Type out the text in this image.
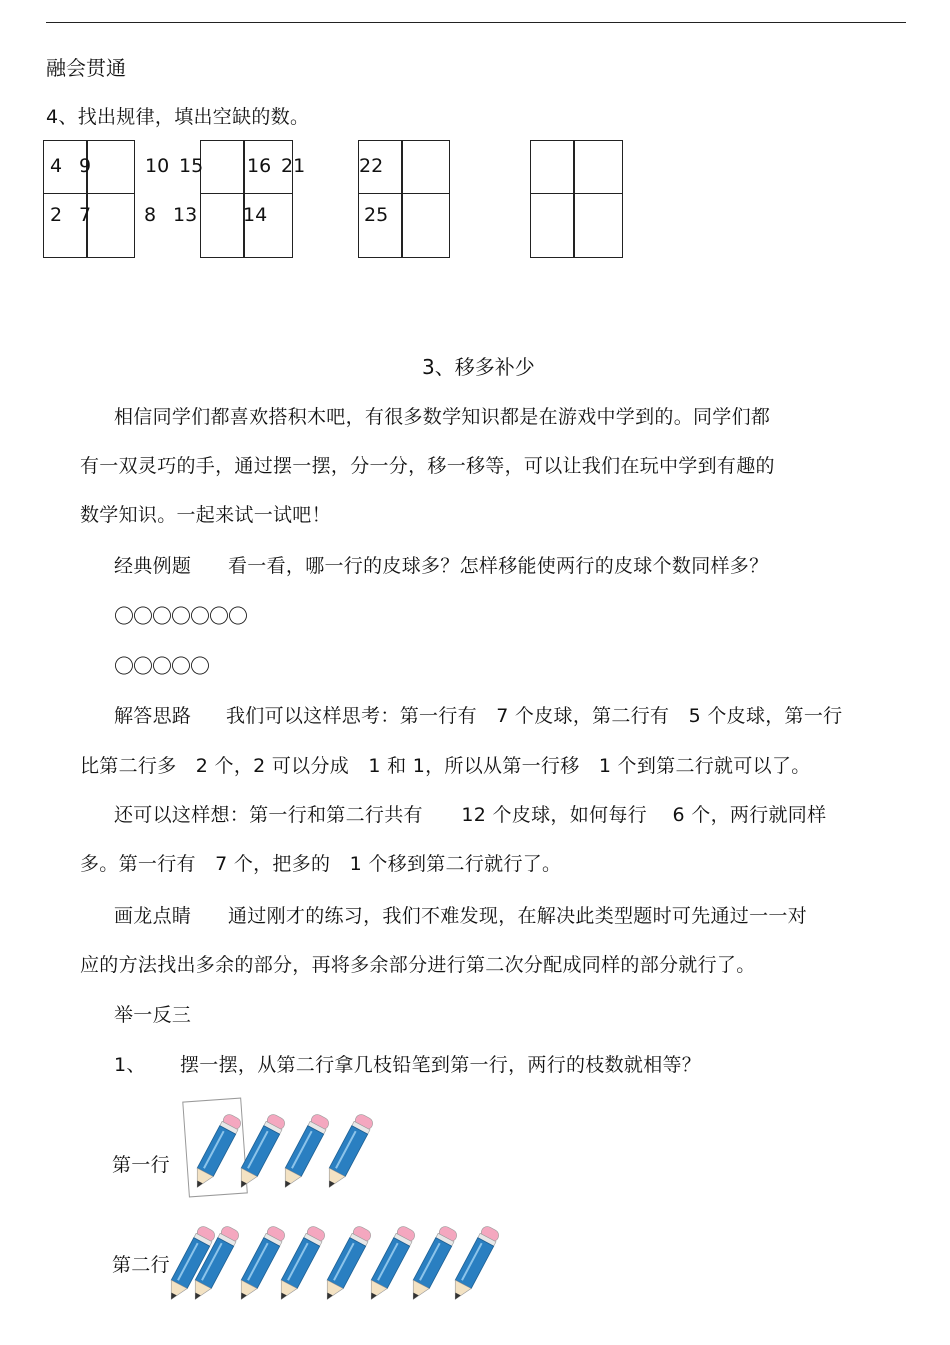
融会贯通
4、找出规律，填出空缺的数。
4 9
2 7
10 15
8 13
16 21
14
22
25
3、移多补少
相信同学们都喜欢搭积木吧，有很多数学知识都是在游戏中学到的。同学们都
有一双灵巧的手，通过摆一摆，分一分，移一移等，可以让我们在玩中学到有趣的
数学知识。一起来试一试吧！
经典例题 看一看，哪一行的皮球多？怎样移能使两行的皮球个数同样多？
〇〇〇〇〇〇〇
〇〇〇〇〇
解答思路 我们可以这样思考：第一行有　7 个皮球，第二行有　5 个皮球，第一行
比第二行多　2 个，2 可以分成　1 和 1，所以从第一行移　1 个到第二行就可以了。
还可以这样想：第一行和第二行共有　　12 个皮球，如何每行　 6 个，两行就同样
多。第一行有　7 个，把多的　1 个移到第二行就行了。
画龙点睛 通过刚才的练习，我们不难发现，在解决此类型题时可先通过一一对
应的方法找出多余的部分，再将多余部分进行第二次分配成同样的部分就行了。
举一反三
1、 摆一摆，从第二行拿几枝铅笔到第一行，两行的枝数就相等？
第一行
第二行
